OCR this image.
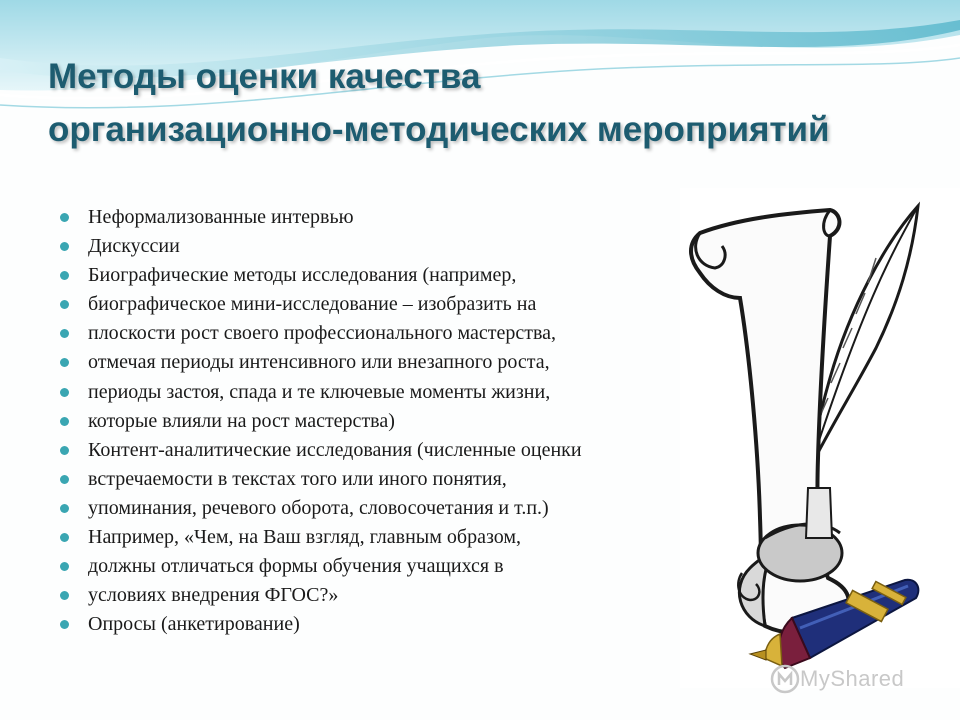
Методы оценки качества
организационно-методических мероприятий
Неформализованные интервью
Дискуссии
Биографические методы исследования (например,
биографическое мини-исследование – изобразить на
плоскости рост своего профессионального мастерства,
отмечая периоды интенсивного или внезапного роста,
периоды застоя, спада и те ключевые моменты жизни,
которые влияли на рост мастерства)
Контент-аналитические исследования (численные оценки
встречаемости в текстах того или иного понятия,
упоминания, речевого оборота, словосочетания и т.п.)
Например, «Чем, на Ваш взгляд, главным образом,
должны отличаться формы обучения учащихся в
условиях внедрения ФГОС?»
Опросы (анкетирование)
MyShared
